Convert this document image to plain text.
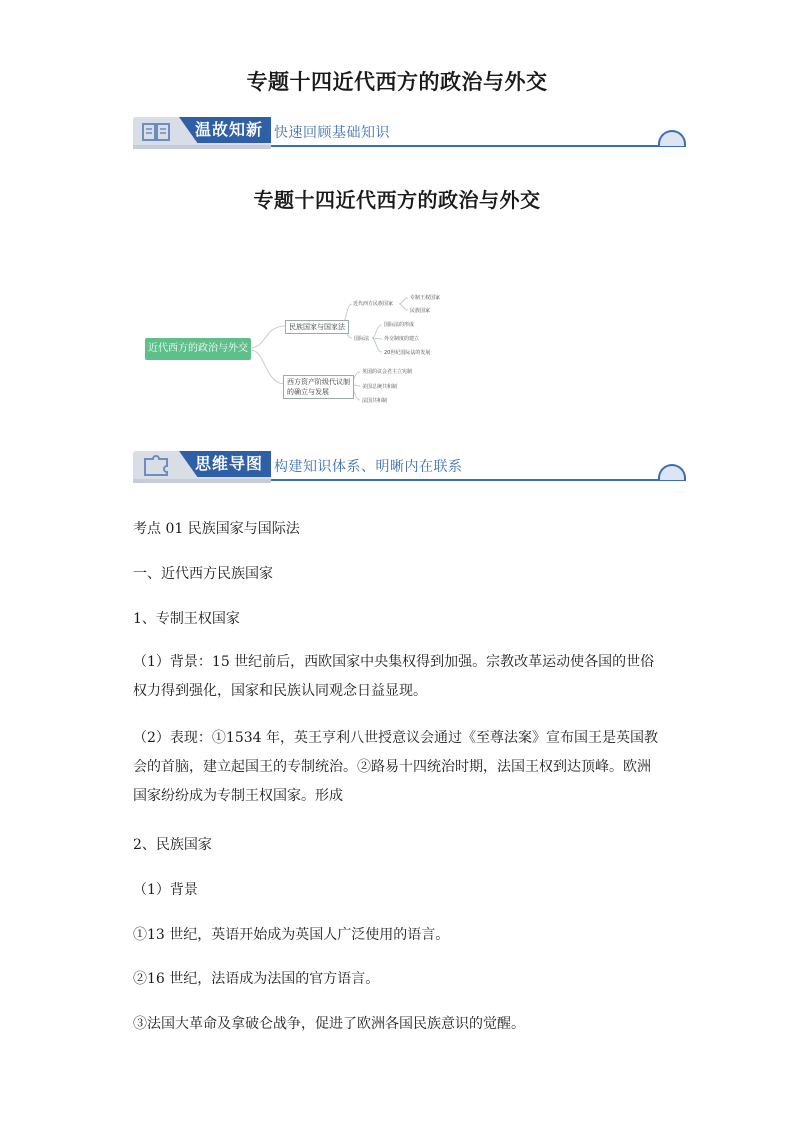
专题十四近代西方的政治与外交
温故知新 快速回顾基础知识
专题十四近代西方的政治与外交
近代西方的政治与外交
民族国家与国家法
近代西方民族国家
专制王权国家
民族国家
国际法
国际法的形成
外交制度的建立
20世纪国际法的发展
西方资产阶级代议制
的确立与发展
英国的议会君主立宪制
美国总统共和制
法国共和制
思维导图 构建知识体系、明晰内在联系
考点 01 民族国家与国际法
一、近代西方民族国家
1、专制王权国家
（1）背景：15 世纪前后，西欧国家中央集权得到加强。宗教改革运动使各国的世俗权力得到强化，国家和民族认同观念日益显现。
（2）表现：①1534 年，英王亨利八世授意议会通过《至尊法案》宣布国王是英国教会的首脑，建立起国王的专制统治。②路易十四统治时期，法国王权到达顶峰。欧洲国家纷纷成为专制王权国家。形成
2、民族国家
（1）背景
①13 世纪，英语开始成为英国人广泛使用的语言。
②16 世纪，法语成为法国的官方语言。
③法国大革命及拿破仑战争，促进了欧洲各国民族意识的觉醒。
